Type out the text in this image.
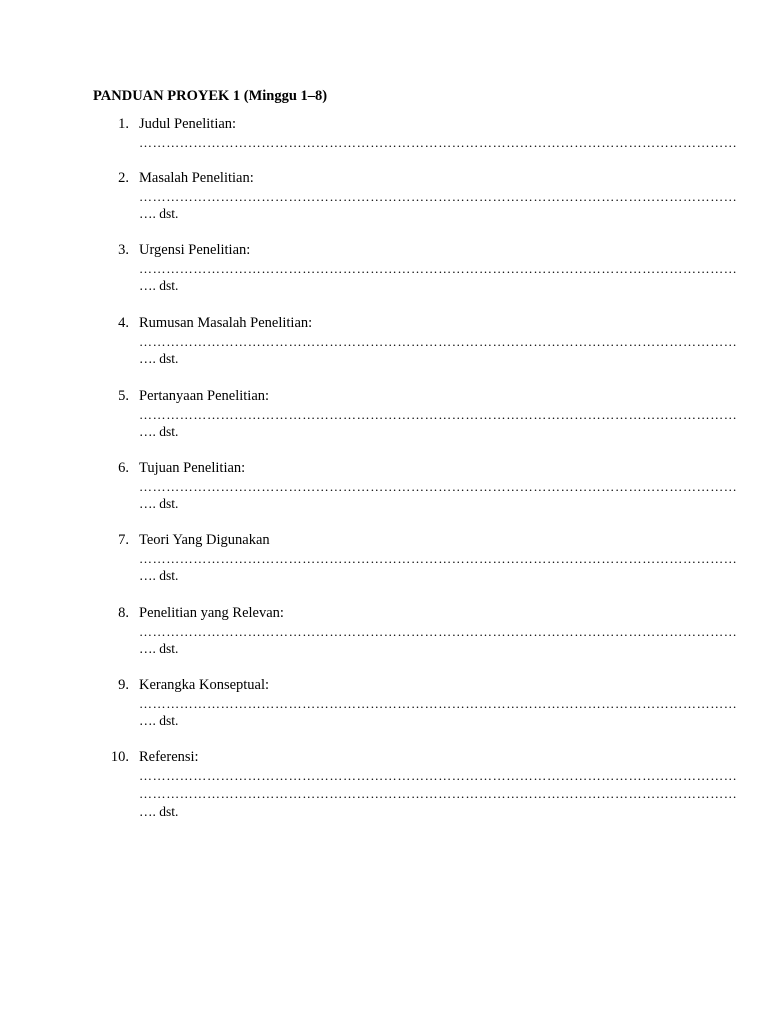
PANDUAN PROYEK 1 (Minggu 1–8)
1. Judul Penelitian:
……………………………………………………………………………………………………………………
2. Masalah Penelitian:
……………………………………………………………………………………………………………………
…. dst.
3. Urgensi Penelitian:
……………………………………………………………………………………………………………………
…. dst.
4. Rumusan Masalah Penelitian:
……………………………………………………………………………………………………………………
…. dst.
5. Pertanyaan Penelitian:
……………………………………………………………………………………………………………………
…. dst.
6. Tujuan Penelitian:
……………………………………………………………………………………………………………………
…. dst.
7. Teori Yang Digunakan
……………………………………………………………………………………………………………………
…. dst.
8. Penelitian yang Relevan:
……………………………………………………………………………………………………………………
…. dst.
9. Kerangka Konseptual:
……………………………………………………………………………………………………………………
…. dst.
10. Referensi:
……………………………………………………………………………………………………………………
……………………………………………………………………………………………………………………
…. dst.
